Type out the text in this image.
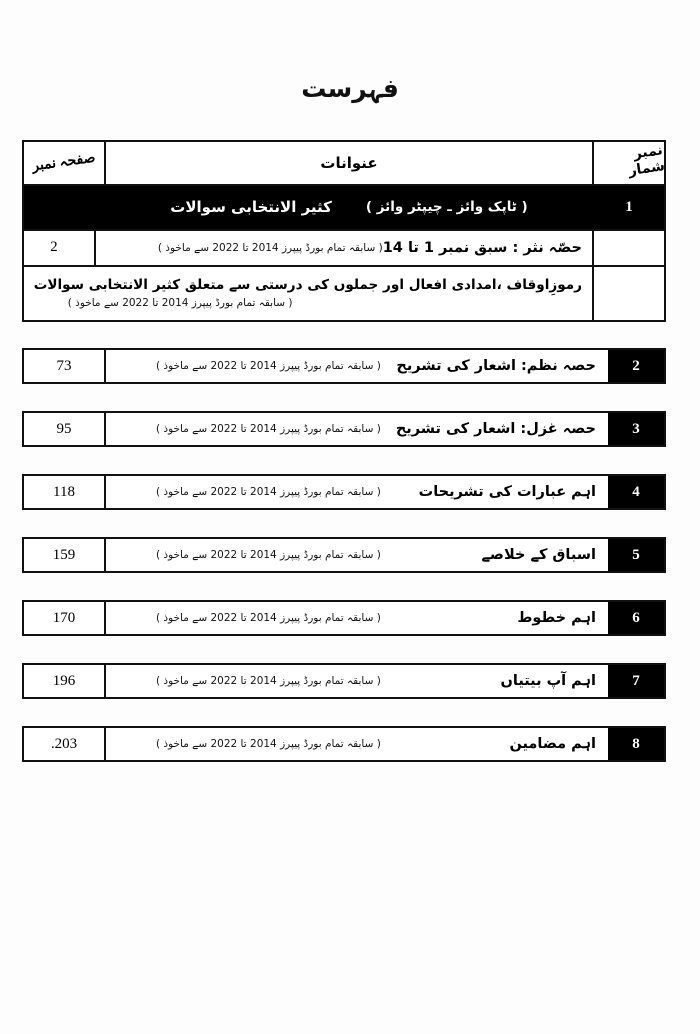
فہرست
نمبر شمار
عنوانات
صفحہ نمبر
1
( ٹاپک وائز ـ چیپٹر وائز )
کثیر الانتخابی سوالات
حصّہ نثر : سبق نمبر 1 تا 14
( سابقہ تمام بورڈ پیپرز 2014 تا 2022 سے ماخوذ )
2
رموزِاوقاف ،امدادی افعال اور جملوں کی درستی سے متعلق کثیر الانتخابی سوالات
( سابقہ تمام بورڈ پیپرز 2014 تا 2022 سے ماخوذ )
2
حصہ نظم: اشعار کی تشریح
( سابقہ تمام بورڈ پیپرز 2014 تا 2022 سے ماخوذ )
73
3
حصہ غزل: اشعار کی تشریح
( سابقہ تمام بورڈ پیپرز 2014 تا 2022 سے ماخوذ )
95
4
اہم عبارات کی تشریحات
( سابقہ تمام بورڈ پیپرز 2014 تا 2022 سے ماخوذ )
118
5
اسباق کے خلاصے
( سابقہ تمام بورڈ پیپرز 2014 تا 2022 سے ماخوذ )
159
6
اہم خطوط
( سابقہ تمام بورڈ پیپرز 2014 تا 2022 سے ماخوذ )
170
7
اہم آپ بیتیاں
( سابقہ تمام بورڈ پیپرز 2014 تا 2022 سے ماخوذ )
196
8
اہم مضامین
( سابقہ تمام بورڈ پیپرز 2014 تا 2022 سے ماخوذ )
203.
